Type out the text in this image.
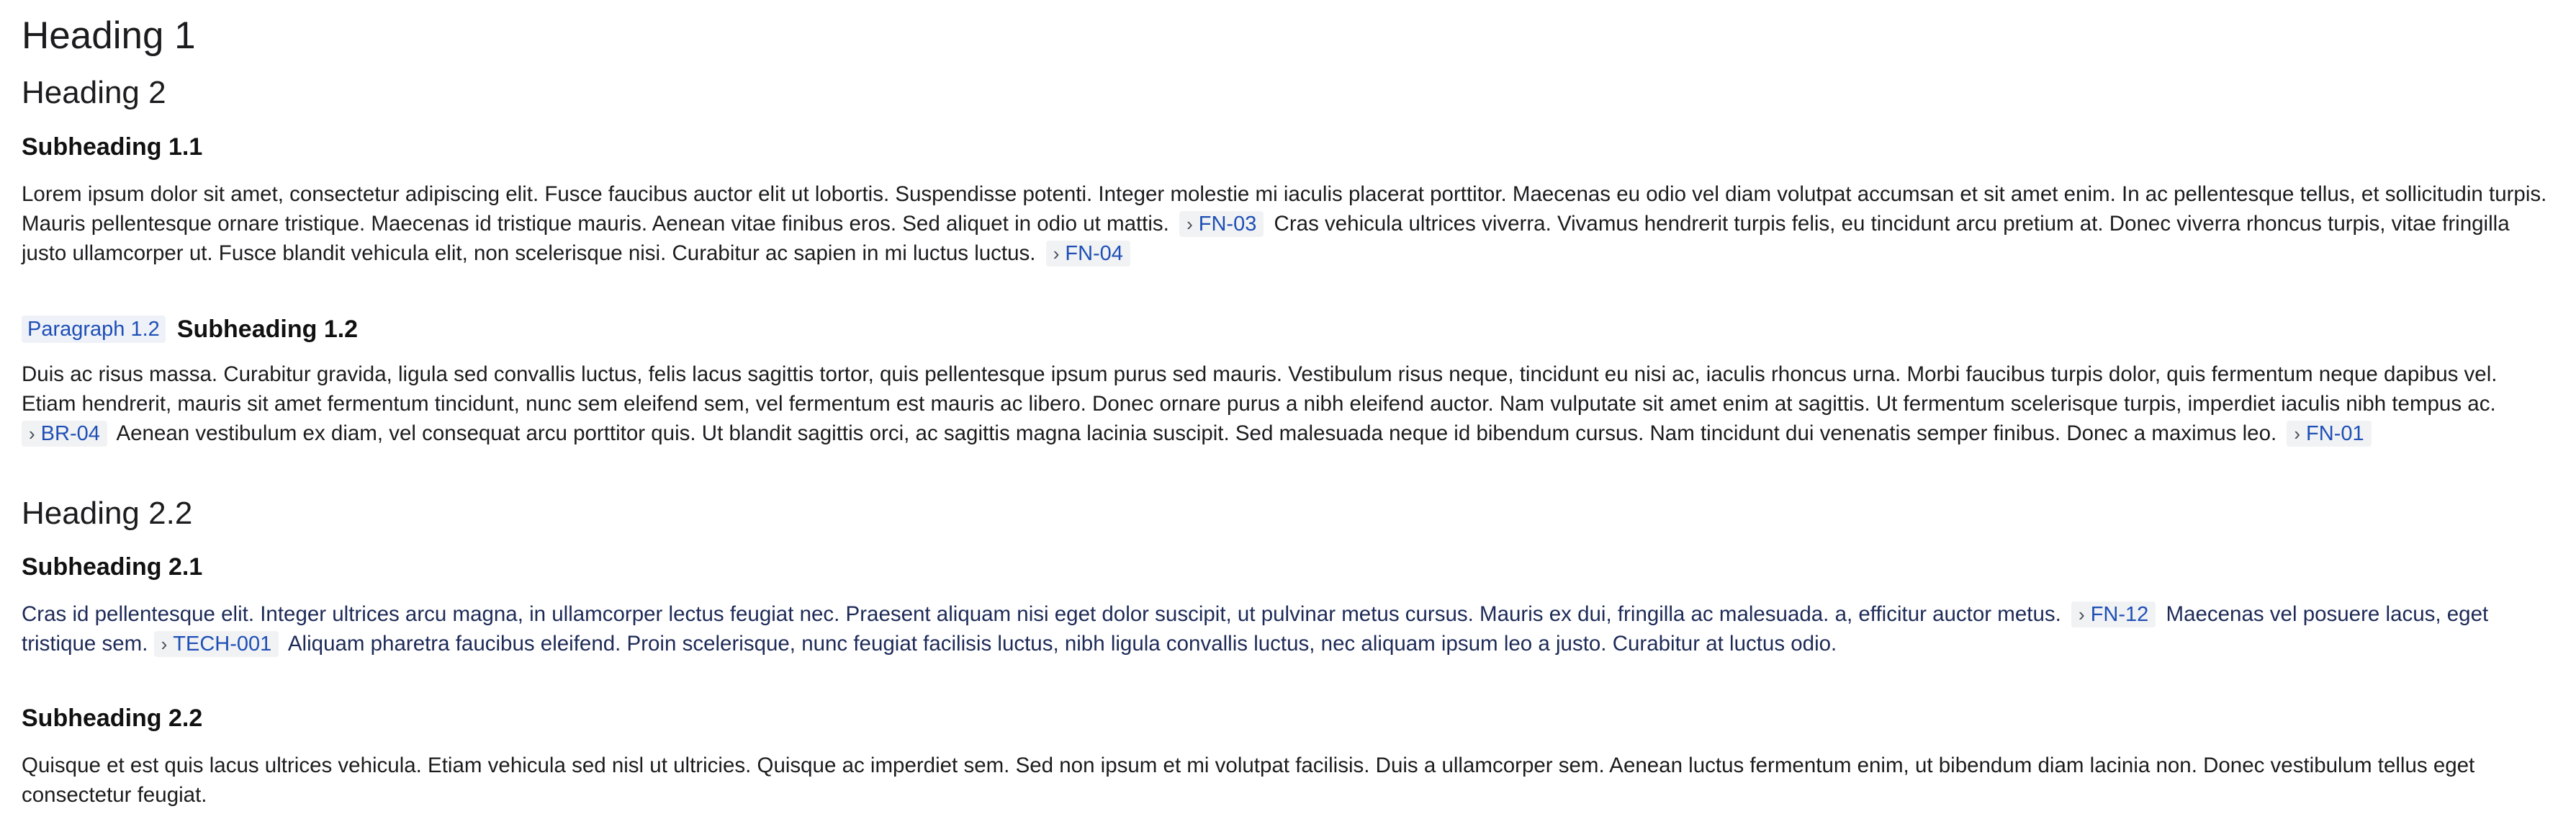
Heading 1
Heading 2
Subheading 1.1

Lorem ipsum dolor sit amet, consectetur adipiscing elit. Fusce faucibus auctor elit ut lobortis. Suspendisse potenti. Integer molestie mi iaculis placerat porttitor. Maecenas eu odio vel diam volutpat accumsan et sit amet enim. In ac pellentesque tellus, et sollicitudin turpis. Mauris pellentesque ornare tristique. Maecenas id tristique mauris. Aenean vitae finibus eros. Sed aliquet in odio ut mattis. › FN-03 Cras vehicula ultrices viverra. Vivamus hendrerit turpis felis, eu tincidunt arcu pretium at. Donec viverra rhoncus turpis, vitae fringilla justo ullamcorper ut. Fusce blandit vehicula elit, non scelerisque nisi. Curabitur ac sapien in mi luctus luctus. › FN-04

Paragraph 1.2 Subheading 1.2

Duis ac risus massa. Curabitur gravida, ligula sed convallis luctus, felis lacus sagittis tortor, quis pellentesque ipsum purus sed mauris. Vestibulum risus neque, tincidunt eu nisi ac, iaculis rhoncus urna. Morbi faucibus turpis dolor, quis fermentum neque dapibus vel. Etiam hendrerit, mauris sit amet fermentum tincidunt, nunc sem eleifend sem, vel fermentum est mauris ac libero. Donec ornare purus a nibh eleifend auctor. Nam vulputate sit amet enim at sagittis. Ut fermentum scelerisque turpis, imperdiet iaculis nibh tempus ac. › BR-04 Aenean vestibulum ex diam, vel consequat arcu porttitor quis. Ut blandit sagittis orci, ac sagittis magna lacinia suscipit. Sed malesuada neque id bibendum cursus. Nam tincidunt dui venenatis semper finibus. Donec a maximus leo. › FN-01

Heading 2.2
Subheading 2.1

Cras id pellentesque elit. Integer ultrices arcu magna, in ullamcorper lectus feugiat nec. Praesent aliquam nisi eget dolor suscipit, ut pulvinar metus cursus. Mauris ex dui, fringilla ac malesuada. a, efficitur auctor metus. › FN-12 Maecenas vel posuere lacus, eget tristique sem. › TECH-001 Aliquam pharetra faucibus eleifend. Proin scelerisque, nunc feugiat facilisis luctus, nibh ligula convallis luctus, nec aliquam ipsum leo a justo. Curabitur at luctus odio.

Subheading 2.2

Quisque et est quis lacus ultrices vehicula. Etiam vehicula sed nisl ut ultricies. Quisque ac imperdiet sem. Sed non ipsum et mi volutpat facilisis. Duis a ullamcorper sem. Aenean luctus fermentum enim, ut bibendum diam lacinia non. Donec vestibulum tellus eget consectetur feugiat.
